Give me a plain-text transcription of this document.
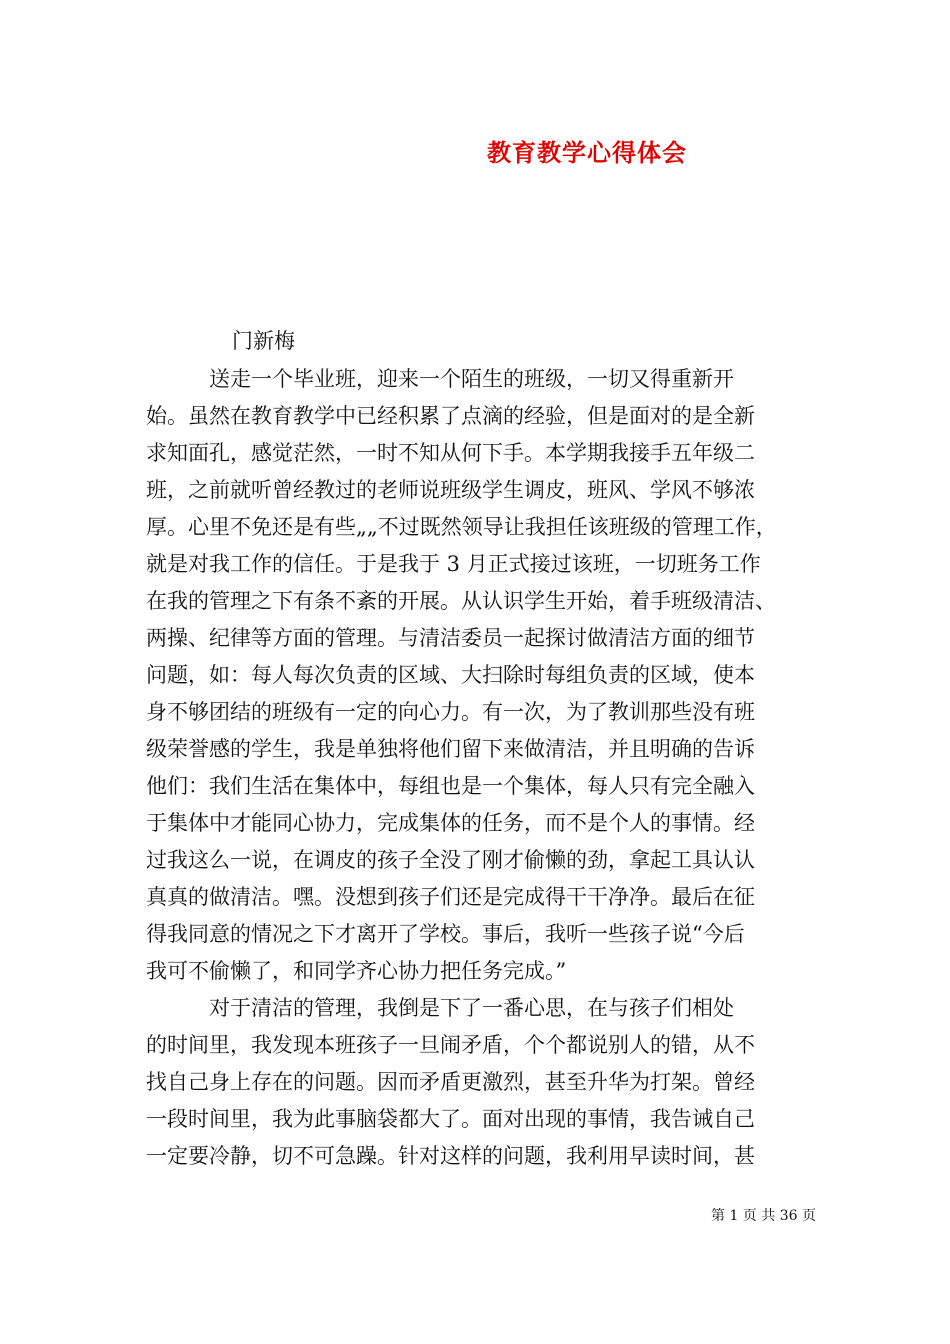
教育教学心得体会
门新梅
　　　送走一个毕业班，迎来一个陌生的班级，一切又得重新开
始。虽然在教育教学中已经积累了点滴的经验，但是面对的是全新
求知面孔，感觉茫然，一时不知从何下手。本学期我接手五年级二
班，之前就听曾经教过的老师说班级学生调皮，班风、学风不够浓
厚。心里不免还是有些„„不过既然领导让我担任该班级的管理工作，
就是对我工作的信任。于是我于 3 月正式接过该班，一切班务工作
在我的管理之下有条不紊的开展。从认识学生开始，着手班级清洁、
两操、纪律等方面的管理。与清洁委员一起探讨做清洁方面的细节
问题，如：每人每次负责的区域、大扫除时每组负责的区域，使本
身不够团结的班级有一定的向心力。有一次，为了教训那些没有班
级荣誉感的学生，我是单独将他们留下来做清洁，并且明确的告诉
他们：我们生活在集体中，每组也是一个集体，每人只有完全融入
于集体中才能同心协力，完成集体的任务，而不是个人的事情。经
过我这么一说，在调皮的孩子全没了刚才偷懒的劲，拿起工具认认
真真的做清洁。嘿。没想到孩子们还是完成得干干净净。最后在征
得我同意的情况之下才离开了学校。事后，我听一些孩子说“今后
我可不偷懒了，和同学齐心协力把任务完成。”
　　　对于清洁的管理，我倒是下了一番心思，在与孩子们相处
的时间里，我发现本班孩子一旦闹矛盾，个个都说别人的错，从不
找自己身上存在的问题。因而矛盾更激烈，甚至升华为打架。曾经
一段时间里，我为此事脑袋都大了。面对出现的事情，我告诫自己
一定要冷静，切不可急躁。针对这样的问题，我利用早读时间，甚
第 1 页 共 36 页
